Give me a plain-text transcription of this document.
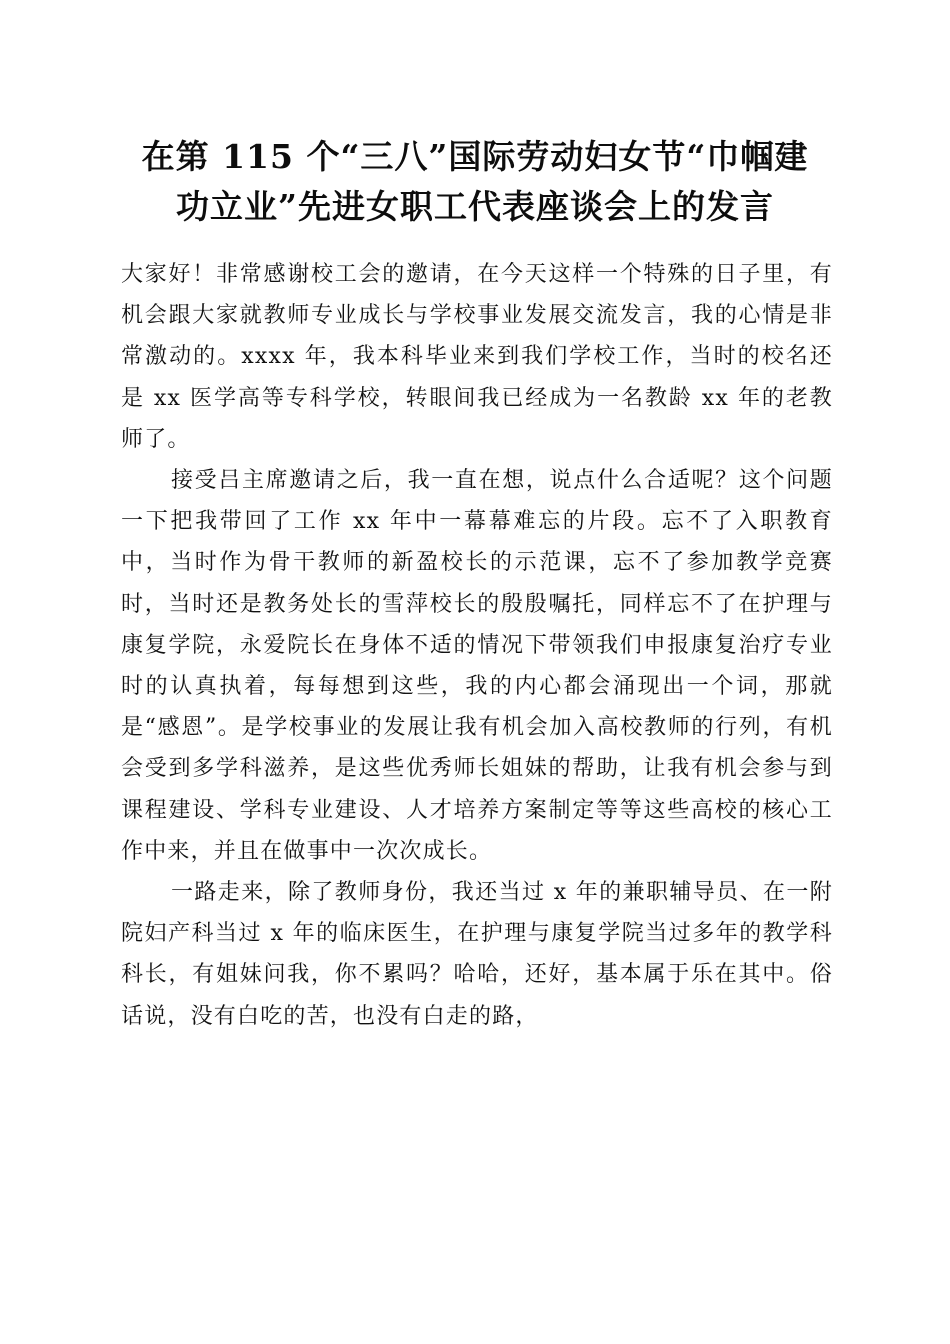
在第 115 个“三八”国际劳动妇女节“巾帼建
功立业”先进女职工代表座谈会上的发言

大家好！非常感谢校工会的邀请，在今天这样一个特殊的日子里，有机会跟大家就教师专业成长与学校事业发展交流发言，我的心情是非常激动的。xxxx 年，我本科毕业来到我们学校工作，当时的校名还是 xx 医学高等专科学校，转眼间我已经成为一名教龄 xx 年的老教师了。

接受吕主席邀请之后，我一直在想，说点什么合适呢？这个问题一下把我带回了工作 xx 年中一幕幕难忘的片段。忘不了入职教育中，当时作为骨干教师的新盈校长的示范课，忘不了参加教学竞赛时，当时还是教务处长的雪萍校长的殷殷嘱托，同样忘不了在护理与康复学院，永爱院长在身体不适的情况下带领我们申报康复治疗专业时的认真执着，每每想到这些，我的内心都会涌现出一个词，那就是“感恩”。是学校事业的发展让我有机会加入高校教师的行列，有机会受到多学科滋养，是这些优秀师长姐妹的帮助，让我有机会参与到课程建设、学科专业建设、人才培养方案制定等等这些高校的核心工作中来，并且在做事中一次次成长。

一路走来，除了教师身份，我还当过 x 年的兼职辅导员、在一附院妇产科当过 x 年的临床医生，在护理与康复学院当过多年的教学科科长，有姐妹问我，你不累吗？哈哈，还好，基本属于乐在其中。俗话说，没有白吃的苦，也没有白走的路，
